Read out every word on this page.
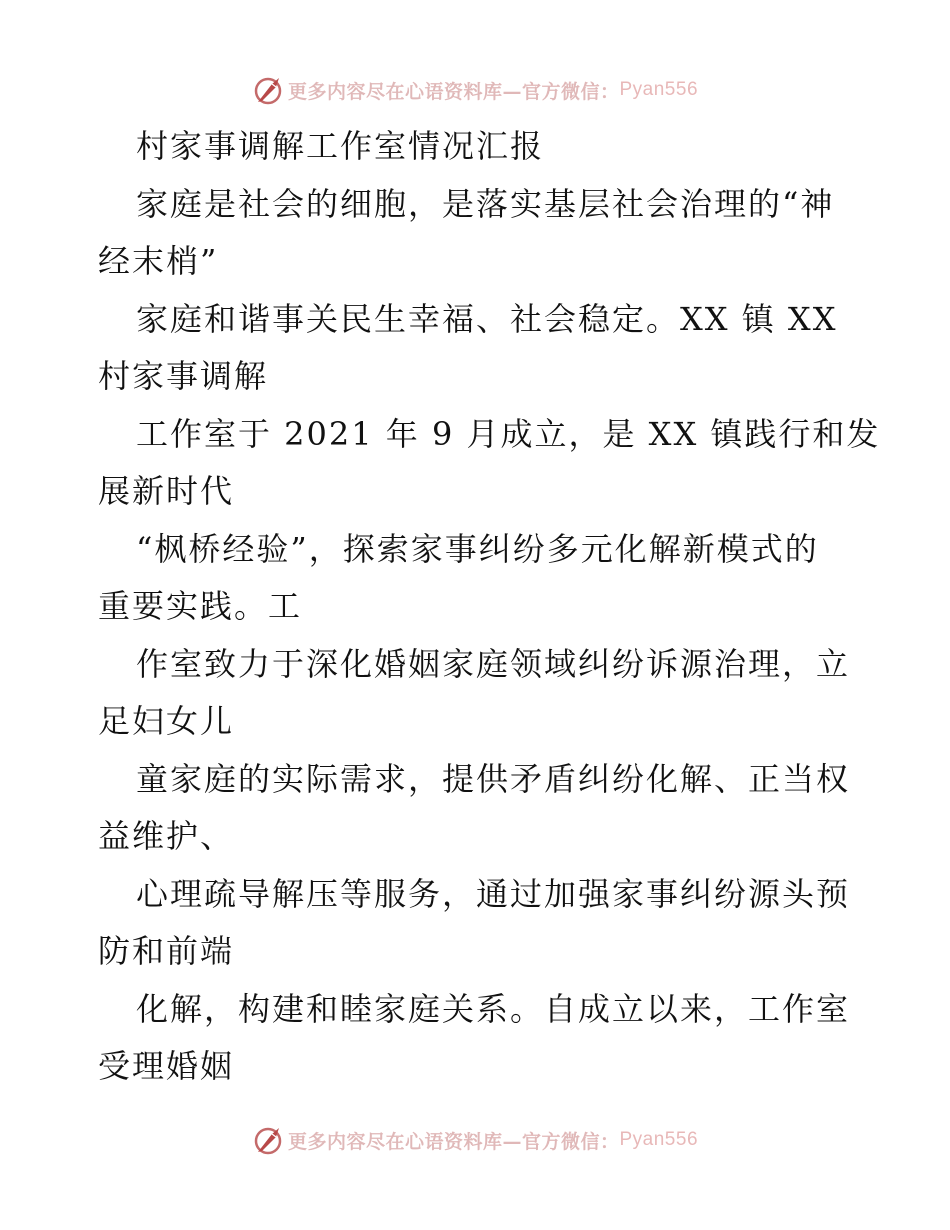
更多内容尽在心语资料库—官方微信： Pyan556
村家事调解工作室情况汇报
家庭是社会的细胞，是落实基层社会治理的“神
经末梢”
家庭和谐事关民生幸福、社会稳定。XX 镇 XX
村家事调解
工作室于 2021 年 9 月成立，是 XX 镇践行和发
展新时代
“枫桥经验”，探索家事纠纷多元化解新模式的
重要实践。工
作室致力于深化婚姻家庭领域纠纷诉源治理，立
足妇女儿
童家庭的实际需求，提供矛盾纠纷化解、正当权
益维护、
心理疏导解压等服务，通过加强家事纠纷源头预
防和前端
化解，构建和睦家庭关系。自成立以来，工作室
受理婚姻
更多内容尽在心语资料库—官方微信： Pyan556
